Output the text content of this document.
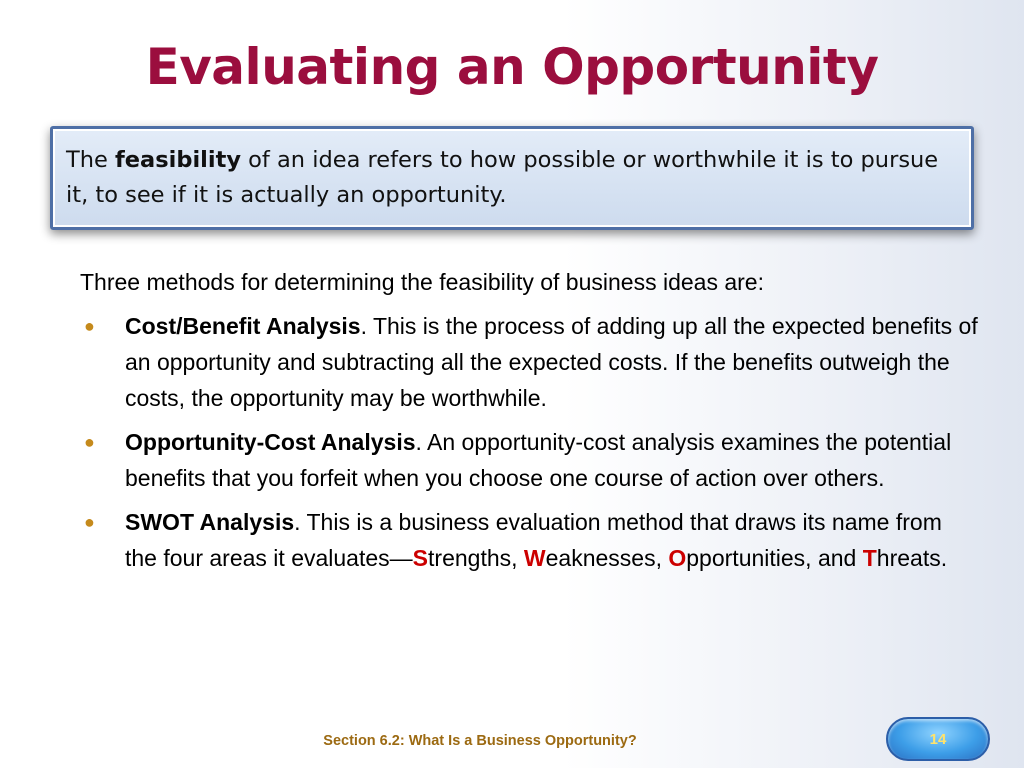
Evaluating an Opportunity
The feasibility of an idea refers to how possible or worthwhile it is to pursue it, to see if it is actually an opportunity.

Three methods for determining the feasibility of business ideas are:

● Cost/Benefit Analysis. This is the process of adding up all the expected benefits of an opportunity and subtracting all the expected costs. If the benefits outweigh the costs, the opportunity may be worthwhile.
● Opportunity-Cost Analysis. An opportunity-cost analysis examines the potential benefits that you forfeit when you choose one course of action over others.
● SWOT Analysis. This is a business evaluation method that draws its name from the four areas it evaluates—Strengths, Weaknesses, Opportunities, and Threats.
Section 6.2: What Is a Business Opportunity?	14
